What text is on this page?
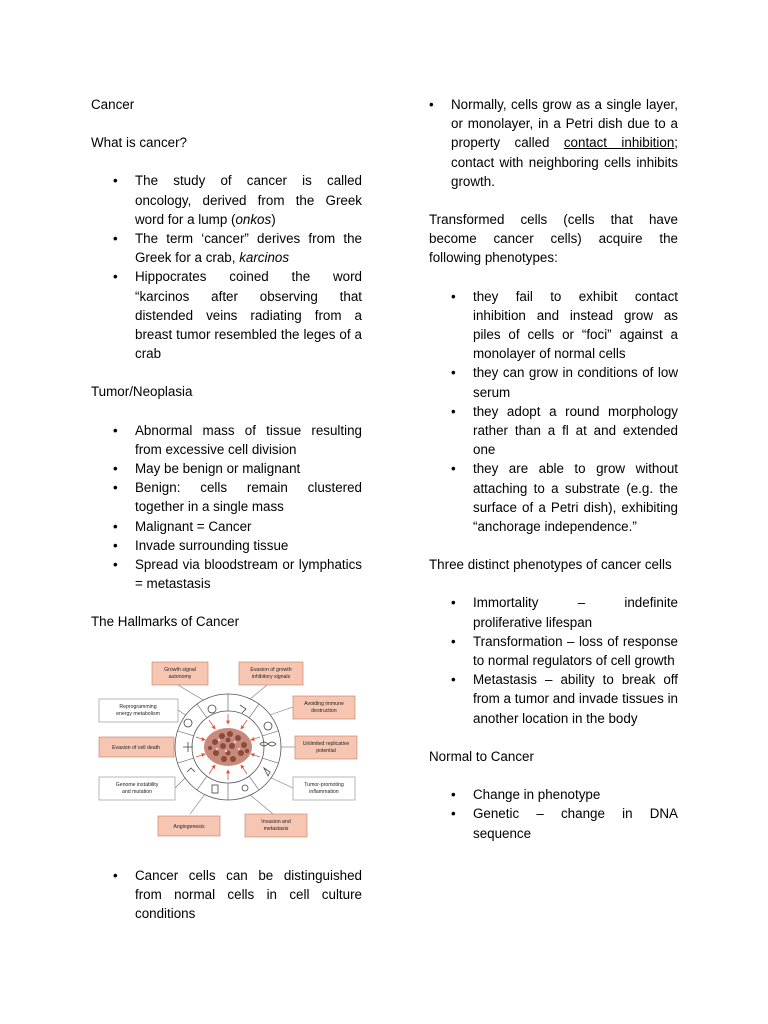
Cancer

What is cancer?

• The study of cancer is called oncology, derived from the Greek word for a lump (onkos)
• The term ‘cancer” derives from the Greek for a crab, karcinos
• Hippocrates coined the word “karcinos after observing that distended veins radiating from a breast tumor resembled the leges of a crab

Tumor/Neoplasia

• Abnormal mass of tissue resulting from excessive cell division
• May be benign or malignant
• Benign: cells remain clustered together in a single mass
• Malignant = Cancer
• Invade surrounding tissue
• Spread via bloodstream or lymphatics = metastasis

The Hallmarks of Cancer

Growth signal
autonomy
Evasion of growth
inhibitory signals
Avoiding immune
destruction
Unlimited replicative
potential
Tumor-promoting
inflammation
Invasion and
metastasis
Angiogenesis
Genome instability
and mutation
Evasion of cell death
Reprogramming
energy metabolism
• Cancer cells can be distinguished from normal cells in cell culture conditions
• Normally, cells grow as a single layer, or monolayer, in a Petri dish due to a property called contact inhibition; contact with neighboring cells inhibits growth.

Transformed cells (cells that have become cancer cells) acquire the following phenotypes:

• they fail to exhibit contact inhibition and instead grow as piles of cells or “foci” against a monolayer of normal cells
• they can grow in conditions of low serum
• they adopt a round morphology rather than a fl at and extended one
• they are able to grow without attaching to a substrate (e.g. the surface of a Petri dish), exhibiting “anchorage independence.”

Three distinct phenotypes of cancer cells

• Immortality – indefinite proliferative lifespan
• Transformation – loss of response to normal regulators of cell growth
• Metastasis – ability to break off from a tumor and invade tissues in another location in the body

Normal to Cancer

• Change in phenotype
• Genetic – change in DNA sequence
